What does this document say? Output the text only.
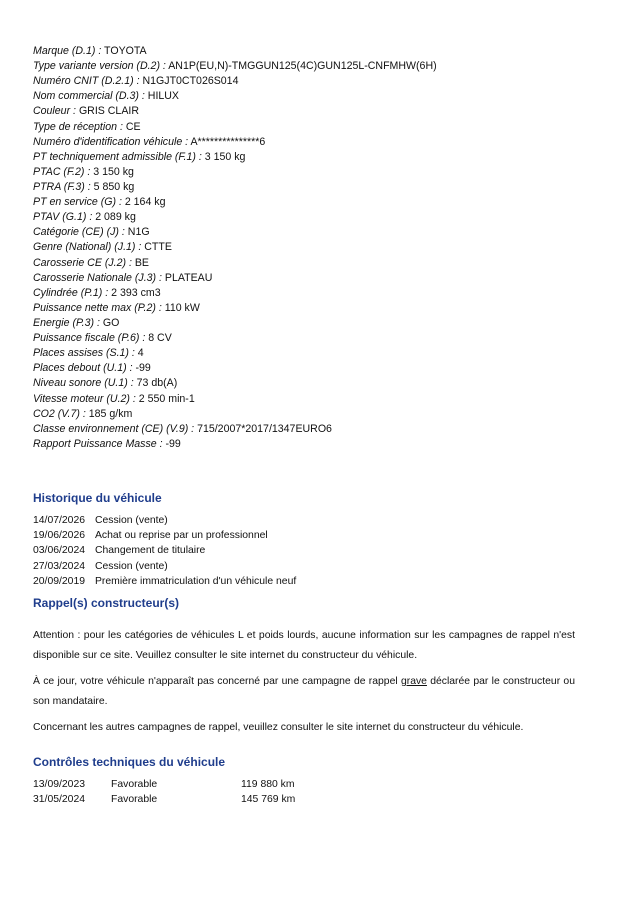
Marque (D.1) : TOYOTA
Type variante version (D.2) : AN1P(EU,N)-TMGGUN125(4C)GUN125L-CNFMHW(6H)
Numéro CNIT (D.2.1) : N1GJT0CT026S014
Nom commercial (D.3) : HILUX
Couleur : GRIS CLAIR
Type de réception : CE
Numéro d'identification véhicule : A***************6
PT techniquement admissible (F.1) : 3 150 kg
PTAC (F.2) : 3 150 kg
PTRA (F.3) : 5 850 kg
PT en service (G) : 2 164 kg
PTAV (G.1) : 2 089 kg
Catégorie (CE) (J) : N1G
Genre (National) (J.1) : CTTE
Carosserie CE (J.2) : BE
Carosserie Nationale (J.3) : PLATEAU
Cylindrée (P.1) : 2 393 cm3
Puissance nette max (P.2) : 110 kW
Energie (P.3) : GO
Puissance fiscale (P.6) : 8 CV
Places assises (S.1) : 4
Places debout (U.1) : -99
Niveau sonore (U.1) : 73 db(A)
Vitesse moteur (U.2) : 2 550 min-1
CO2 (V.7) : 185 g/km
Classe environnement (CE) (V.9) : 715/2007*2017/1347EURO6
Rapport Puissance Masse : -99
Historique du véhicule
14/07/2026 Cession (vente)
19/06/2026 Achat ou reprise par un professionnel
03/06/2024 Changement de titulaire
27/03/2024 Cession (vente)
20/09/2019 Première immatriculation d'un véhicule neuf
Rappel(s) constructeur(s)

Attention : pour les catégories de véhicules L et poids lourds, aucune information sur les campagnes de rappel n'est disponible sur ce site. Veuillez consulter le site internet du constructeur du véhicule.

À ce jour, votre véhicule n'apparaît pas concerné par une campagne de rappel grave déclarée par le constructeur ou son mandataire.

Concernant les autres campagnes de rappel, veuillez consulter le site internet du constructeur du véhicule.

Contrôles techniques du véhicule
13/09/2023	Favorable	119 880 km
31/05/2024	Favorable	145 769 km
